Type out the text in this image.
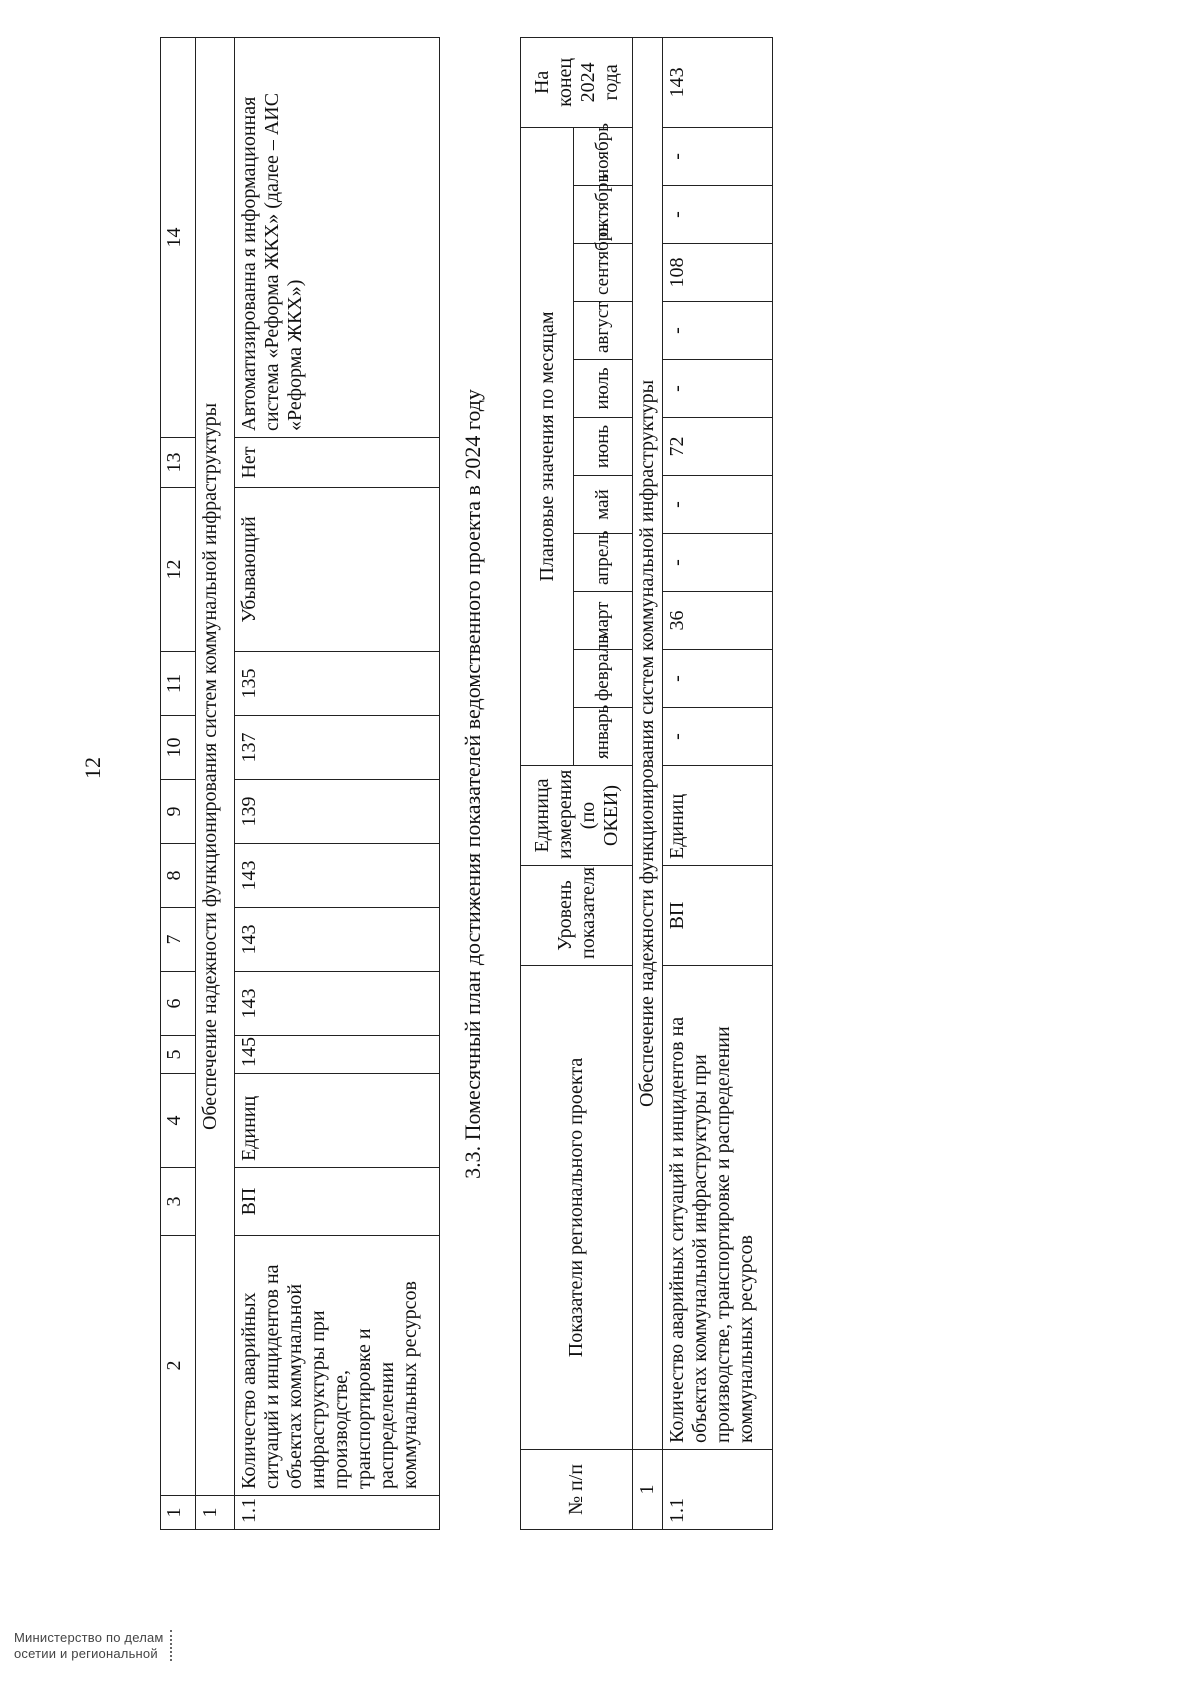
12
1	2	3	4	5	6	7	8	9	10	11	12	13	14
1	Обеспечение надежности функционирования систем коммунальной инфраструктуры												
1.1	Количество аварийных ситуаций и инцидентов на объектах коммунальной инфраструктуры при производстве, транспортировке и распределении коммунальных ресурсов	ВП	Единиц	145	143	143	143	139	137	135	Убывающий	Нет	Автоматизированна я информационная система «Реформа ЖКХ» (далее – АИС «Реформа ЖКХ»)
3.3. Помесячный план достижения показателей ведомственного проекта в 2024 году
№ п/п	Показатели регионального проекта	Уровень показателя	Единица измерения (по ОКЕИ)	Плановые значения по месяцам											На конец 2024 года
				январь	февраль	март	апрель	май	июнь	июль	август	сентябрь	октябрь	ноябрь	
1	Обеспечение надежности функционирования систем коммунальной инфраструктуры														
1.1	Количество аварийных ситуаций и инцидентов на объектах коммунальной инфраструктуры при производстве, транспортировке и распределении коммунальных ресурсов	ВП	Единиц	-	-	36	-	-	72	-	-	108	-	-	143
Министерство по делам
осетии и региональной
